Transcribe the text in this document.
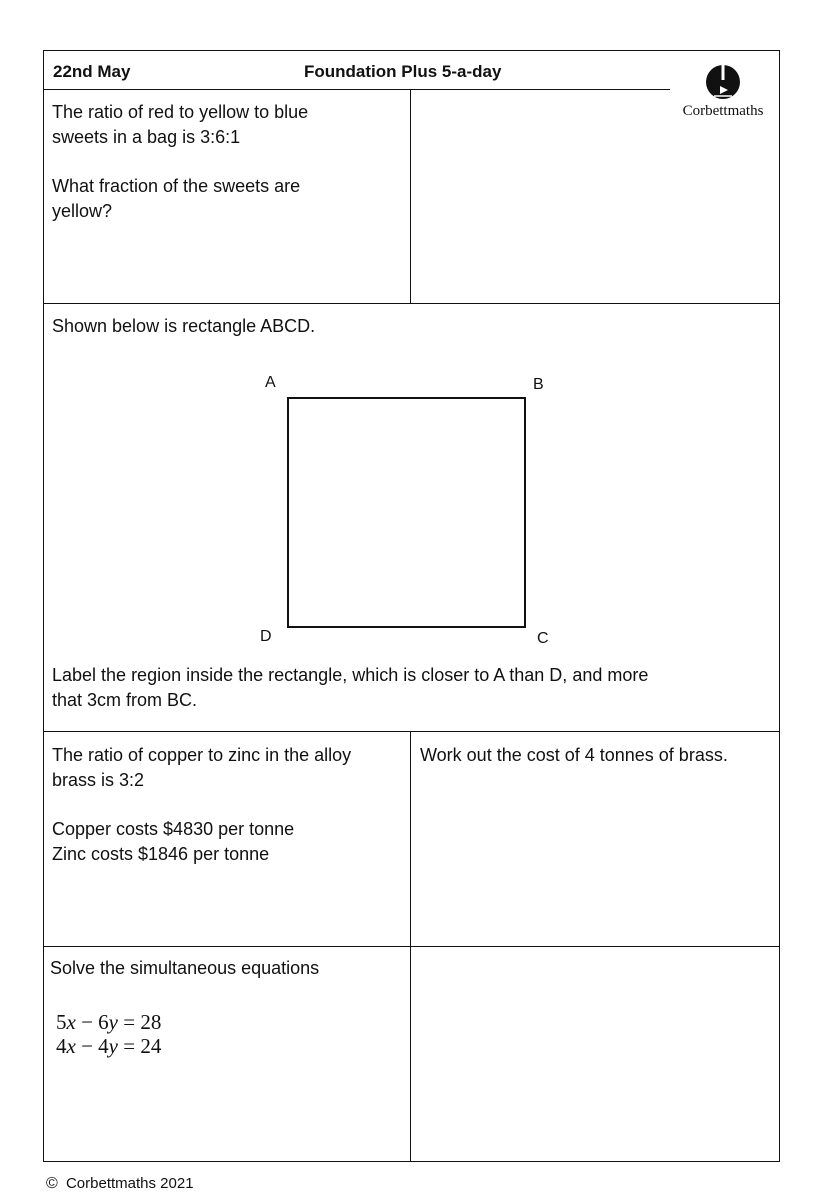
22nd May	Foundation Plus 5-a-day
Corbettmaths
The ratio of red to yellow to blue
sweets in a bag is 3:6:1
What fraction of the sweets are
yellow?
Shown below is rectangle ABCD.
A	B
C
D
Label the region inside the rectangle, which is closer to A than D, and more
that 3cm from BC.
The ratio of copper to zinc in the alloy
brass is 3:2
Copper costs $4830 per tonne
Zinc costs $1846 per tonne
Work out the cost of 4 tonnes of brass.
Solve the simultaneous equations
5x − 6y = 28
4x − 4y = 24
© Corbettmaths 2021
